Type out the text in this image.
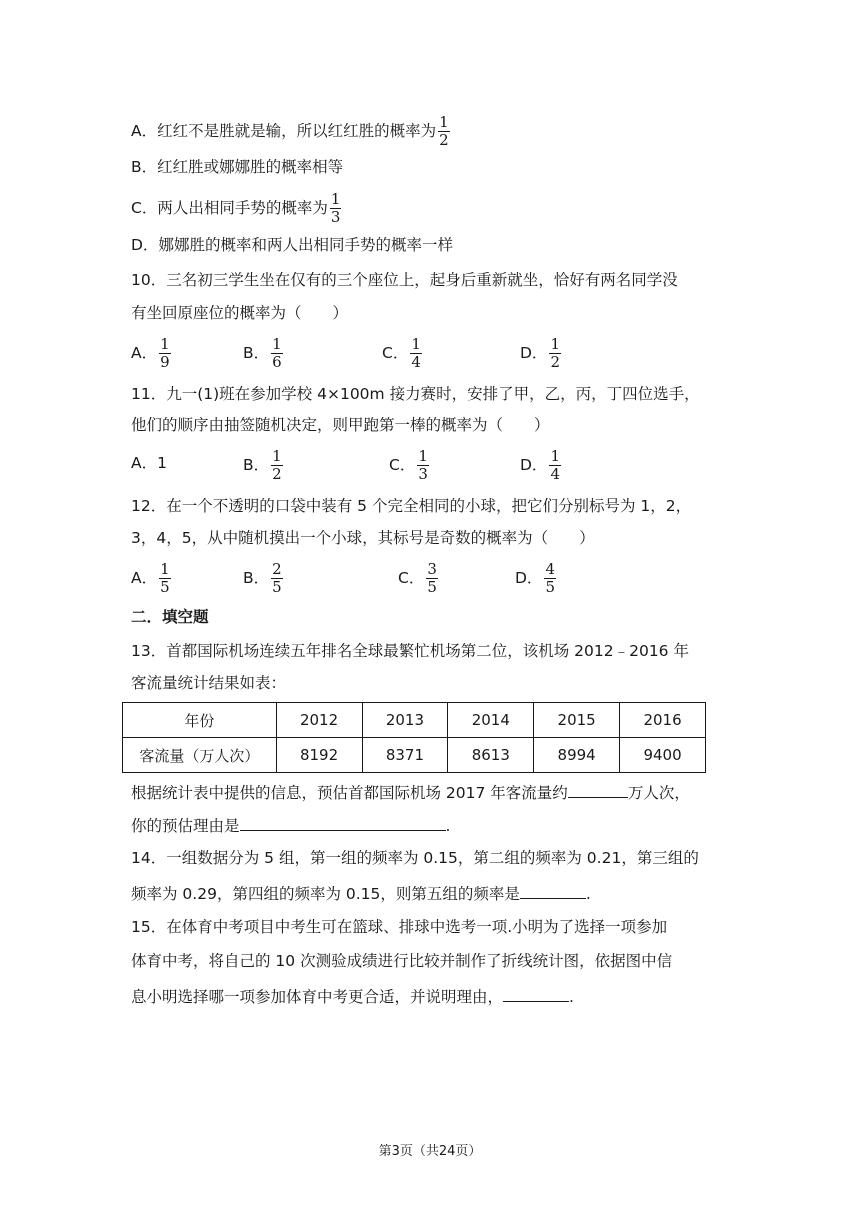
A．红红不是胜就是输，所以红红胜的概率为 $\frac{1}{2}$
B．红红胜或娜娜胜的概率相等
C．两人出相同手势的概率为 $\frac{1}{3}$
D．娜娜胜的概率和两人出相同手势的概率一样
10．三名初三学生坐在仅有的三个座位上，起身后重新就坐，恰好有两名同学没
有坐回原座位的概率为（　　）
A． $\frac{1}{9}$	B． $\frac{1}{6}$	C． $\frac{1}{4}$	D． $\frac{1}{2}$
11．九一(1)班在参加学校 4×100m 接力赛时，安排了甲，乙，丙，丁四位选手，
他们的顺序由抽签随机决定，则甲跑第一棒的概率为（　　）
A．1	B． $\frac{1}{2}$	C． $\frac{1}{3}$	D． $\frac{1}{4}$
12．在一个不透明的口袋中装有 5 个完全相同的小球，把它们分别标号为 1，2，
3，4，5，从中随机摸出一个小球，其标号是奇数的概率为（　　）
A． $\frac{1}{5}$	B． $\frac{2}{5}$	C． $\frac{3}{5}$	D． $\frac{4}{5}$
二．填空题
13．首都国际机场连续五年排名全球最繁忙机场第二位，该机场 2012﹣2016 年
客流量统计结果如表：
年份	2012	2013	2014	2015	2016
客流量（万人次）	8192	8371	8613	8994	9400
根据统计表中提供的信息，预估首都国际机场 2017 年客流量约	万人次，
你的预估理由是	.
14．一组数据分为 5 组，第一组的频率为 0.15，第二组的频率为 0.21，第三组的
频率为 0.29，第四组的频率为 0.15，则第五组的频率是	.
15．在体育中考项目中考生可在篮球、排球中选考一项.小明为了选择一项参加
体育中考，将自己的 10 次测验成绩进行比较并制作了折线统计图，依据图中信
息小明选择哪一项参加体育中考更合适，并说明理由，	.
第3页（共24页）
